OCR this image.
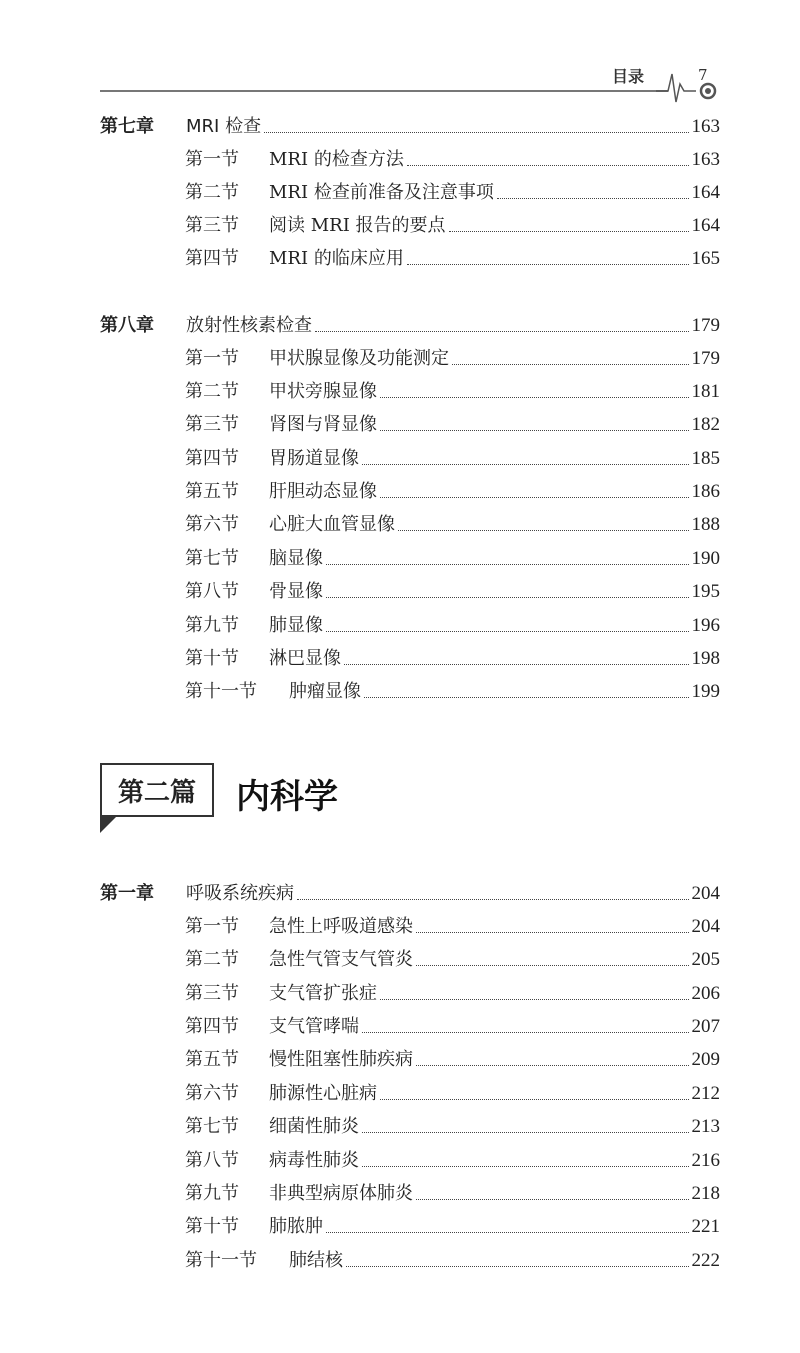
目录	7
第七章	MRI 检查	163
第一节	MRI 的检查方法	163
第二节	MRI 检查前准备及注意事项	164
第三节	阅读 MRI 报告的要点	164
第四节	MRI 的临床应用	165
第八章	放射性核素检查	179
第一节	甲状腺显像及功能测定	179
第二节	甲状旁腺显像	181
第三节	肾图与肾显像	182
第四节	胃肠道显像	185
第五节	肝胆动态显像	186
第六节	心脏大血管显像	188
第七节	脑显像	190
第八节	骨显像	195
第九节	肺显像	196
第十节	淋巴显像	198
第十一节	肿瘤显像	199
第二篇 内科学
第一章	呼吸系统疾病	204
第一节	急性上呼吸道感染	204
第二节	急性气管支气管炎	205
第三节	支气管扩张症	206
第四节	支气管哮喘	207
第五节	慢性阻塞性肺疾病	209
第六节	肺源性心脏病	212
第七节	细菌性肺炎	213
第八节	病毒性肺炎	216
第九节	非典型病原体肺炎	218
第十节	肺脓肿	221
第十一节	肺结核	222
